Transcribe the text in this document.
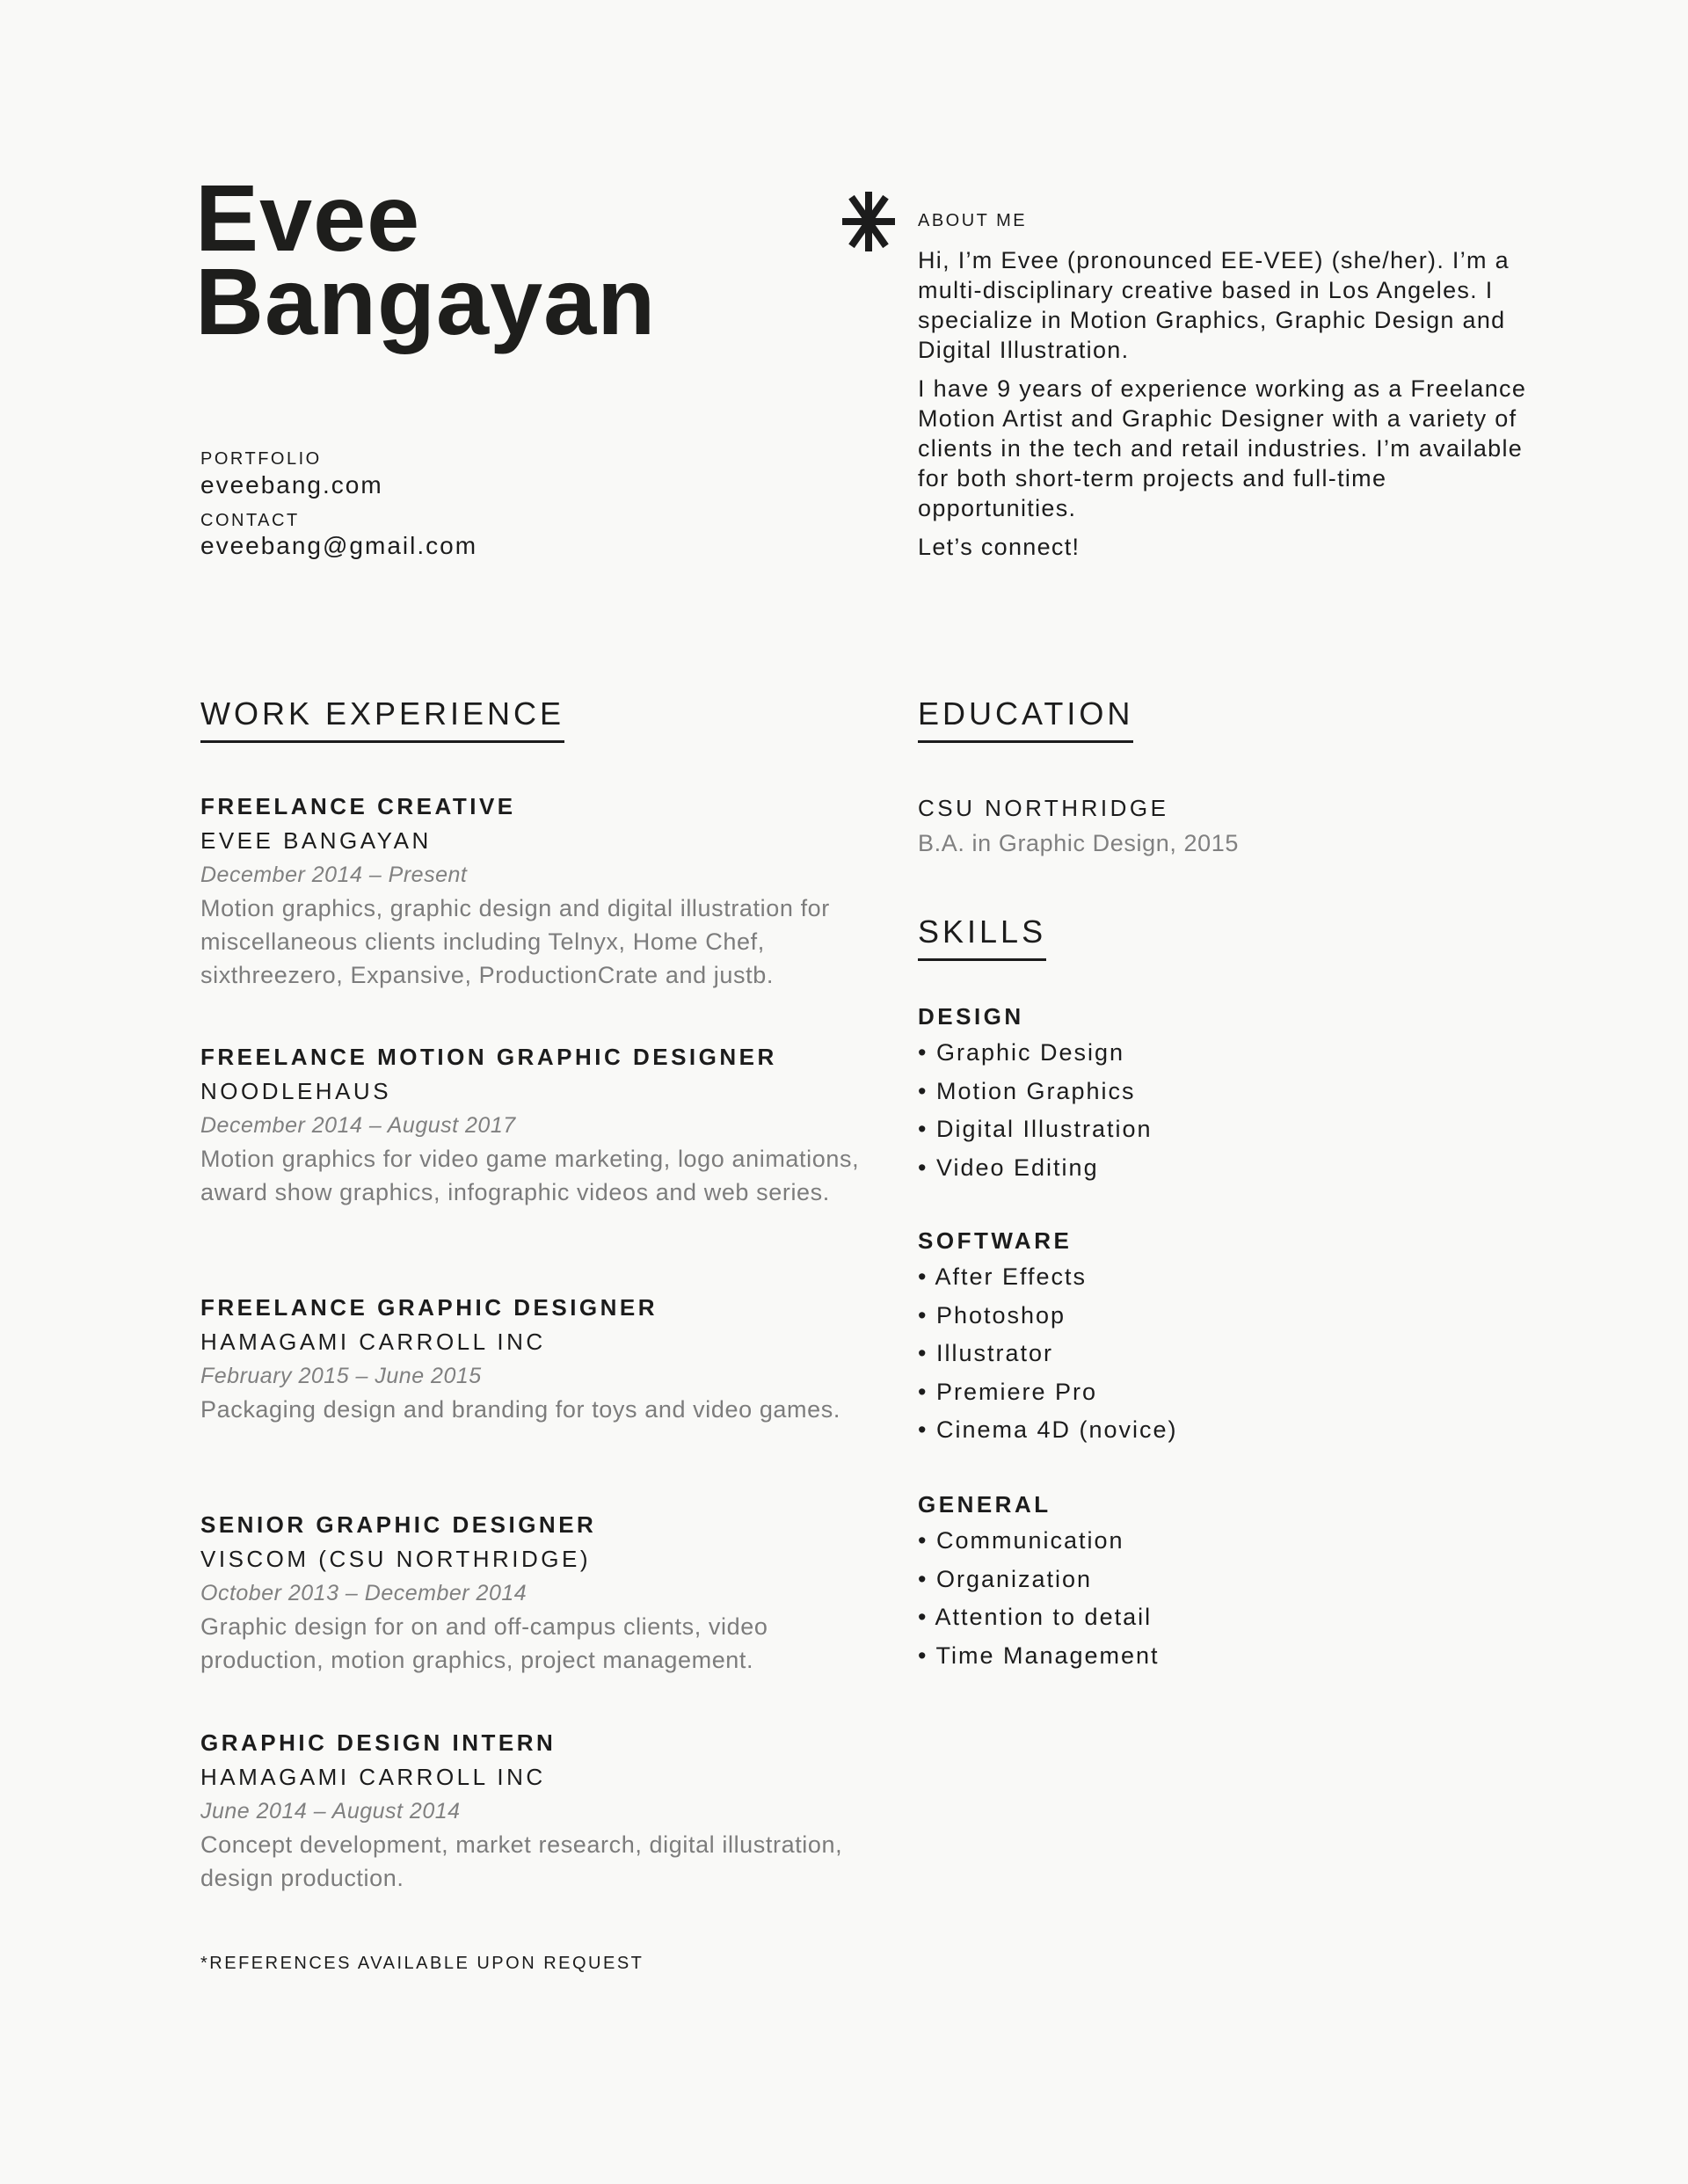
Evee
Bangayan
PORTFOLIO
eveebang.com
CONTACT
eveebang@gmail.com
ABOUT ME

Hi, I’m Evee (pronounced EE-VEE) (she/her). I’m a multi-disciplinary creative based in Los Angeles. I specialize in Motion Graphics, Graphic Design and Digital Illustration.

I have 9 years of experience working as a Freelance Motion Artist and Graphic Designer with a variety of clients in the tech and retail industries. I’m available for both short-term projects and full-time opportunities.

Let’s connect!

WORK EXPERIENCE
FREELANCE CREATIVE
EVEE BANGAYAN
December 2014 – Present
Motion graphics, graphic design and digital illustration for miscellaneous clients including Telnyx, Home Chef, sixthreezero, Expansive, ProductionCrate and justb.
FREELANCE MOTION GRAPHIC DESIGNER
NOODLEHAUS
December 2014 – August 2017
Motion graphics for video game marketing, logo animations, award show graphics, infographic videos and web series.
FREELANCE GRAPHIC DESIGNER
HAMAGAMI CARROLL INC
February 2015 – June 2015
Packaging design and branding for toys and video games.
SENIOR GRAPHIC DESIGNER
VISCOM (CSU NORTHRIDGE)
October 2013 – December 2014
Graphic design for on and off-campus clients, video production, motion graphics, project management.
GRAPHIC DESIGN INTERN
HAMAGAMI CARROLL INC
June 2014 – August 2014
Concept development, market research, digital illustration, design production.
*REFERENCES AVAILABLE UPON REQUEST
EDUCATION
CSU NORTHRIDGE
B.A. in Graphic Design, 2015
SKILLS
DESIGN
• Graphic Design
• Motion Graphics
• Digital Illustration
• Video Editing
SOFTWARE
• After Effects
• Photoshop
• Illustrator
• Premiere Pro
• Cinema 4D (novice)
GENERAL
• Communication
• Organization
• Attention to detail
• Time Management
